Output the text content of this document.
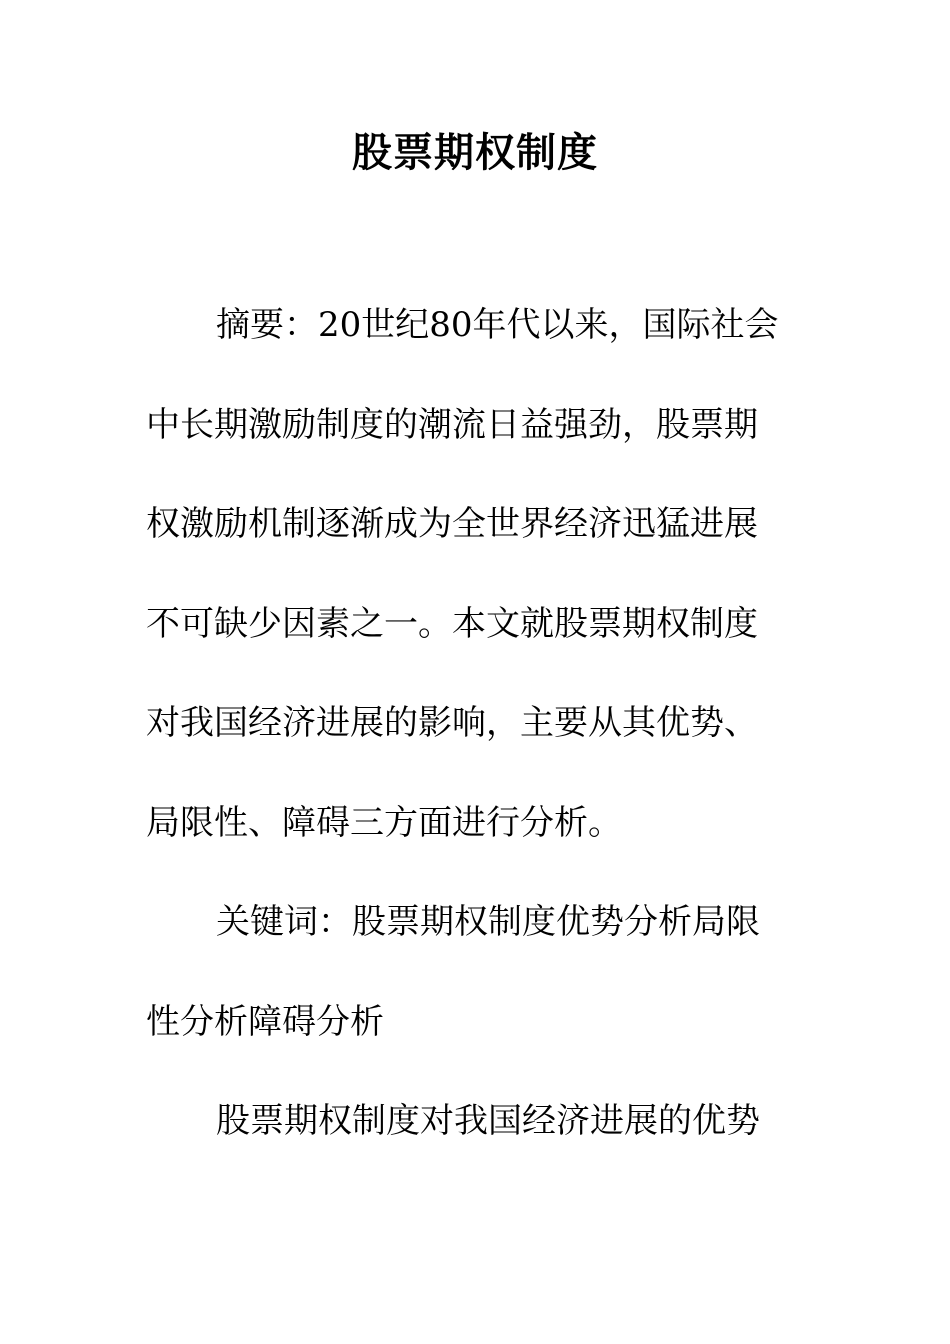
股票期权制度
摘要：20世纪80年代以来，国际社会
中长期激励制度的潮流日益强劲，股票期
权激励机制逐渐成为全世界经济迅猛进展
不可缺少因素之一。本文就股票期权制度
对我国经济进展的影响，主要从其优势、
局限性、障碍三方面进行分析。
关键词：股票期权制度优势分析局限
性分析障碍分析
股票期权制度对我国经济进展的优势
